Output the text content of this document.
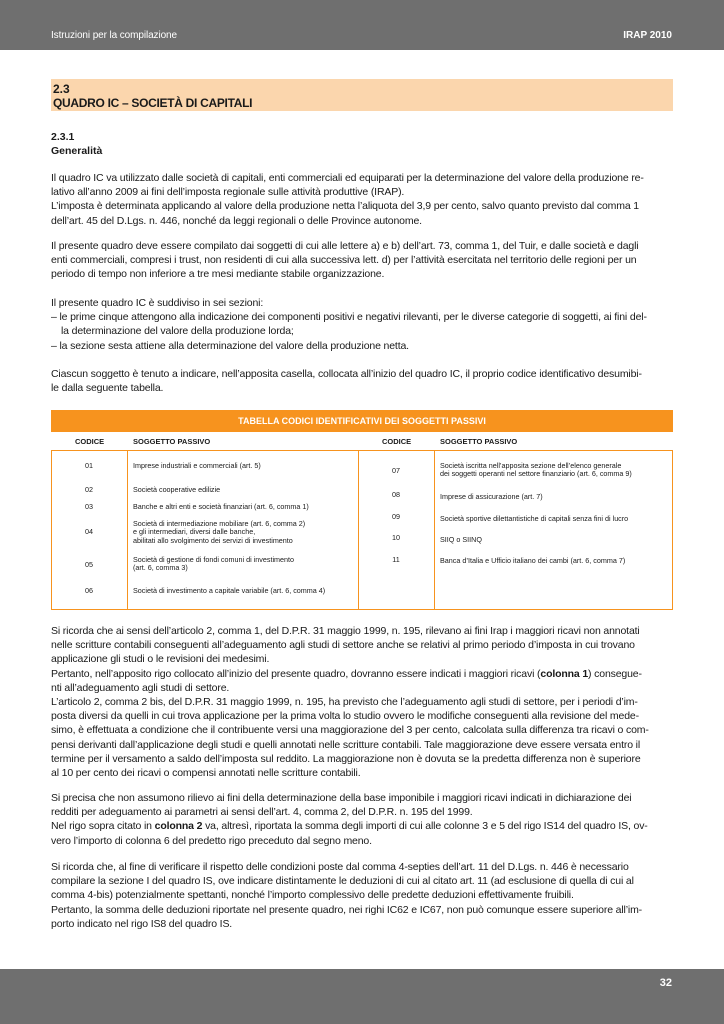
Istruzioni per la compilazione	IRAP 2010
2.3
QUADRO IC – SOCIETÀ DI CAPITALI
2.3.1
Generalità
Il quadro IC va utilizzato dalle società di capitali, enti commerciali ed equiparati per la determinazione del valore della produzione re-
lativo all’anno 2009 ai fini dell’imposta regionale sulle attività produttive (IRAP).
L’imposta è determinata applicando al valore della produzione netta l’aliquota del 3,9 per cento, salvo quanto previsto dal comma 1
dell’art. 45 del D.Lgs. n. 446, nonché da leggi regionali o delle Province autonome.
Il presente quadro deve essere compilato dai soggetti di cui alle lettere a) e b) dell’art. 73, comma 1, del Tuir, e dalle società e dagli
enti commerciali, compresi i trust, non residenti di cui alla successiva lett. d) per l’attività esercitata nel territorio delle regioni per un
periodo di tempo non inferiore a tre mesi mediante stabile organizzazione.
Il presente quadro IC è suddiviso in sei sezioni:
– le prime cinque attengono alla indicazione dei componenti positivi e negativi rilevanti, per le diverse categorie di soggetti, ai fini del-
la determinazione del valore della produzione lorda;
– la sezione sesta attiene alla determinazione del valore della produzione netta.
Ciascun soggetto è tenuto a indicare, nell’apposita casella, collocata all’inizio del quadro IC, il proprio codice identificativo desumibi-
le dalla seguente tabella.
TABELLA CODICI IDENTIFICATIVI DEI SOGGETTI PASSIVI
CODICE	SOGGETTO PASSIVO	CODICE	SOGGETTO PASSIVO
01	Imprese industriali e commerciali (art. 5)
02	Società cooperative edilizie
03	Banche e altri enti e società finanziari (art. 6, comma 1)
04
Società di intermediazione mobiliare (art. 6, comma 2)
e gli intermediari, diversi dalle banche,
abilitati allo svolgimento dei servizi di investimento
05
Società di gestione di fondi comuni di investimento
(art. 6, comma 3)
06	Società di investimento a capitale variabile (art. 6, comma 4)
07
Società iscritta nell’apposita sezione dell’elenco generale
dei soggetti operanti nel settore finanziario (art. 6, comma 9)
08	Imprese di assicurazione (art. 7)
09	Società sportive dilettantistiche di capitali senza fini di lucro
10	SIIQ o SIINQ
11	Banca d’Italia e Ufficio italiano dei cambi (art. 6, comma 7)
Si ricorda che ai sensi dell’articolo 2, comma 1, del D.P.R. 31 maggio 1999, n. 195, rilevano ai fini Irap i maggiori ricavi non annotati
nelle scritture contabili conseguenti all’adeguamento agli studi di settore anche se relativi al primo periodo d’imposta in cui trovano
applicazione gli studi o le revisioni dei medesimi.
Pertanto, nell’apposito rigo collocato all’inizio del presente quadro, dovranno essere indicati i maggiori ricavi (colonna 1) consegue-
nti all’adeguamento agli studi di settore.
L’articolo 2, comma 2 bis, del D.P.R. 31 maggio 1999, n. 195, ha previsto che l’adeguamento agli studi di settore, per i periodi d’im-
posta diversi da quelli in cui trova applicazione per la prima volta lo studio ovvero le modifiche conseguenti alla revisione del mede-
simo, è effettuata a condizione che il contribuente versi una maggiorazione del 3 per cento, calcolata sulla differenza tra ricavi o com-
pensi derivanti dall’applicazione degli studi e quelli annotati nelle scritture contabili. Tale maggiorazione deve essere versata entro il
termine per il versamento a saldo dell’imposta sul reddito. La maggiorazione non è dovuta se la predetta differenza non è superiore
al 10 per cento dei ricavi o compensi annotati nelle scritture contabili.
Si precisa che non assumono rilievo ai fini della determinazione della base imponibile i maggiori ricavi indicati in dichiarazione dei
redditi per adeguamento ai parametri ai sensi dell’art. 4, comma 2, del D.P.R. n. 195 del 1999.
Nel rigo sopra citato in colonna 2 va, altresì, riportata la somma degli importi di cui alle colonne 3 e 5 del rigo IS14 del quadro IS, ov-
vero l’importo di colonna 6 del predetto rigo preceduto dal segno meno.
Si ricorda che, al fine di verificare il rispetto delle condizioni poste dal comma 4-septies dell’art. 11 del D.Lgs. n. 446 è necessario
compilare la sezione I del quadro IS, ove indicare distintamente le deduzioni di cui al citato art. 11 (ad esclusione di quella di cui al
comma 4-bis) potenzialmente spettanti, nonché l’importo complessivo delle predette deduzioni effettivamente fruibili.
Pertanto, la somma delle deduzioni riportate nel presente quadro, nei righi IC62 e IC67, non può comunque essere superiore all’im-
porto indicato nel rigo IS8 del quadro IS.
32
